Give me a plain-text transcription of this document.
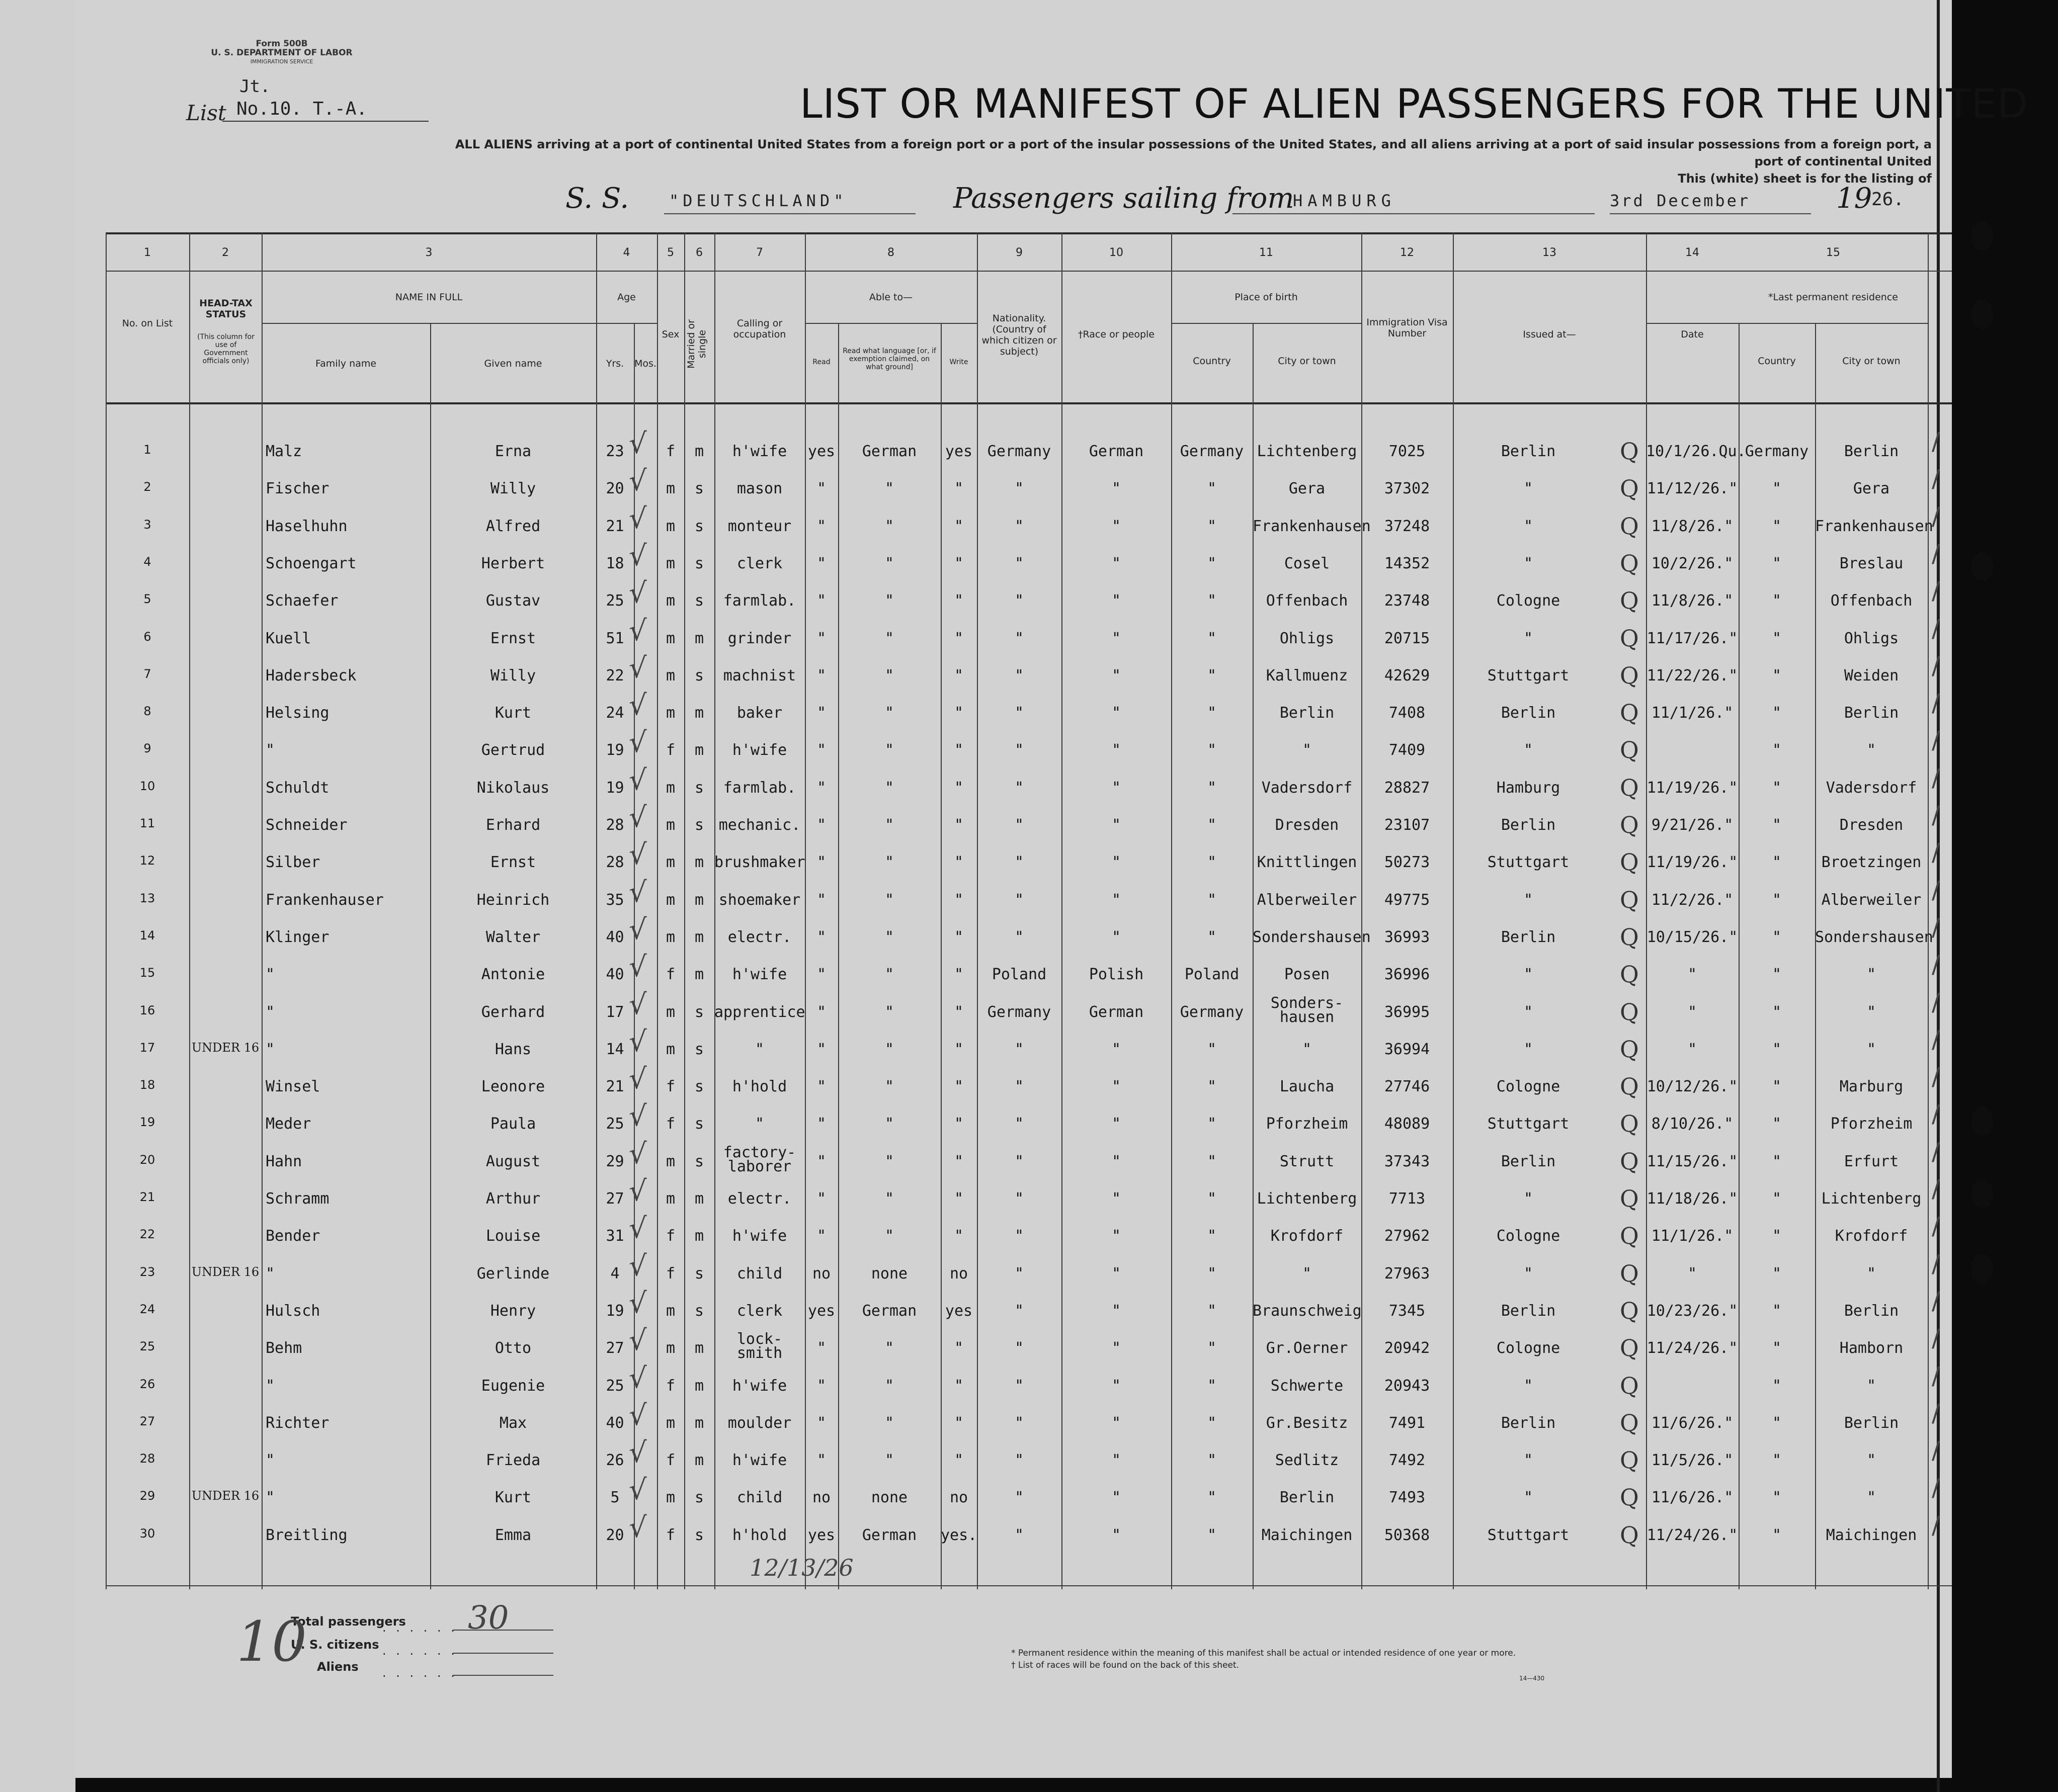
Form 500B
U. S. DEPARTMENT OF LABOR
IMMIGRATION SERVICE
Jt.
List No.10. T.-A.	LIST OR MANIFEST OF ALIEN PASSENGERS FOR THE UNITED
ALL ALIENS arriving at a port of continental United States from a foreign port or a port of the insular possessions of the United States, and all aliens arriving at a port of said insular possessions from a foreign port, a port of continental United
This (white) sheet is for the listing of
S. S. "DEUTSCHLAND"	Passengers sailing from
HAMBURG	3rd December	19
26.
1	2	3	4	5	6	7	8	9	10	11	12	13	14	15
No. on List
HEAD-TAX STATUS
(This column for use of Government officials only)
NAME IN FULL
Family name	Given name
Age
Yrs.	Mos.
Sex Married or single
Calling or occupation
Able to—
Read
Read what language [or, if exemption claimed, on what ground]
Write
Nationality. (Country of which citizen or subject)
†Race or people
Place of birth
Country	City or town
Immigration Visa Number	Issued at—	Date
*Last permanent residence
Country	City or town
1	Malz	Erna	23	f	m	h'wife	yes	German	yes Germany	German	Germany Lichtenberg	7025	Berlin	10/1/26.Qu.
Germany	Berlin
Q
√	/
2	Fischer	Willy	20	m	s	mason	"	"	"	"	"	"	Gera	37302	"	11/12/26."	"	Gera
Q
√	/
3	Haselhuhn	Alfred	21	m	s	monteur	"	"	"	"	"	"	Frankenhausen 37248	"	11/8/26."	"	Frankenhausen
Q
√	/
4	Schoengart	Herbert	18	m	s	clerk	"	"	"	"	"	"	Cosel	14352	"	10/2/26."	"	Breslau
Q
√	/
5	Schaefer	Gustav	25	m	s	farmlab.	"	"	"	"	"	"	Offenbach	23748	Cologne	11/8/26."	"	Offenbach
Q
√	/
6	Kuell	Ernst	51	m	m	grinder	"	"	"	"	"	"	Ohligs	20715	"	11/17/26."	"	Ohligs
Q
√	/
7	Hadersbeck	Willy	22	m	s	machnist	"	"	"	"	"	"	Kallmuenz	42629	Stuttgart	11/22/26."	"	Weiden
Q
√	/
8	Helsing	Kurt	24	m	m	baker	"	"	"	"	"	"	Berlin	7408	Berlin	11/1/26."	"	Berlin
Q
√	/
9	"	Gertrud	19	f	m	h'wife	"	"	"	"	"	"	"	7409	"	"	"
Q
√	/
10	Schuldt	Nikolaus	19	m	s	farmlab.	"	"	"	"	"	"	Vadersdorf	28827	Hamburg	11/19/26."	"	Vadersdorf
Q
√	/
11	Schneider	Erhard	28	m	s mechanic.	"	"	"	"	"	"	Dresden	23107	Berlin	9/21/26."	"	Dresden
Q
√	/
12	Silber	Ernst	28	m	m brushmaker "	"	"	"	"	"	Knittlingen	50273	Stuttgart	11/19/26."	"	Broetzingen
Q
√	/
13	Frankenhauser	Heinrich	35	m	m shoemaker	"	"	"	"	"	"	Alberweiler	49775	"	11/2/26."	"	Alberweiler
Q
√	/
14	Klinger	Walter	40	m	m	electr.	"	"	"	"	"	"	Sondershausen 36993	Berlin	10/15/26."	"	Sondershausen
Q
√	/
15	"	Antonie	40	f	m	h'wife	"	"	"	Poland	Polish	Poland	Posen	36996	"	"	"	"
Q
√	/
16	"	Gerhard	17	m	s apprentice "	"	"	Germany	German	Germany
Sonders- hausen	36995	"	"	"	"
Q
√	/
17	UNDER 16 "	Hans	14	m	s	"	"	"	"	"	"	"	"	36994	"	"	"	"
Q
√	/
18	Winsel	Leonore	21	f	s	h'hold	"	"	"	"	"	"	Laucha	27746	Cologne	10/12/26."	"	Marburg
Q
√	/
19	Meder	Paula	25	f	s	"	"	"	"	"	"	"	Pforzheim	48089	Stuttgart	8/10/26."	"	Pforzheim
Q
√	/
20	Hahn	August	29	m	s
factory- laborer	"	"	"	"	"	"	Strutt	37343	Berlin	11/15/26."	"	Erfurt
Q
√	/
21	Schramm	Arthur	27	m	m	electr.	"	"	"	"	"	"	Lichtenberg	7713	"	11/18/26."	"	Lichtenberg
Q
√	/
22	Bender	Louise	31	f	m	h'wife	"	"	"	"	"	"	Krofdorf	27962	Cologne	11/1/26."	"	Krofdorf
Q
√	/
23	UNDER 16 "	Gerlinde	4	f	s	child	no	none	no	"	"	"	"	27963	"	"	"	"
Q
√	/
24	Hulsch	Henry	19	m	s	clerk	yes	German	yes	"	"	"	Braunschweig	7345	Berlin	10/23/26."	"	Berlin
Q
√	/
25	Behm	Otto	27	m	m
lock- smith	"	"	"	"	"	"	Gr.Oerner	20942	Cologne	11/24/26."	"	Hamborn
Q
√	/
26	"	Eugenie	25	f	m	h'wife	"	"	"	"	"	"	Schwerte	20943	"	"	"
Q
√	/
27	Richter	Max	40	m	m	moulder	"	"	"	"	"	"	Gr.Besitz	7491	Berlin	11/6/26."	"	Berlin
Q
√	/
28	"	Frieda	26	f	m	h'wife	"	"	"	"	"	"	Sedlitz	7492	"	11/5/26."	"	"
Q
√	/
29	UNDER 16 "	Kurt	5	m	s	child	no	none	no	"	"	"	Berlin	7493	"	11/6/26."	"	"
Q
√	/
30	Breitling	Emma	20	f	s	h'hold	yes	German	yes.	"	"	"	Maichingen	50368	Stuttgart	11/24/26."	"	Maichingen
Q
√	/
Total passengers
U. S. citizens
Aliens
. . . . . .
. . . . . .
. . . . . .
30
10
12/13/26
* Permanent residence within the meaning of this manifest shall be actual or intended residence of one year or more.
† List of races will be found on the back of this sheet.
14—430
